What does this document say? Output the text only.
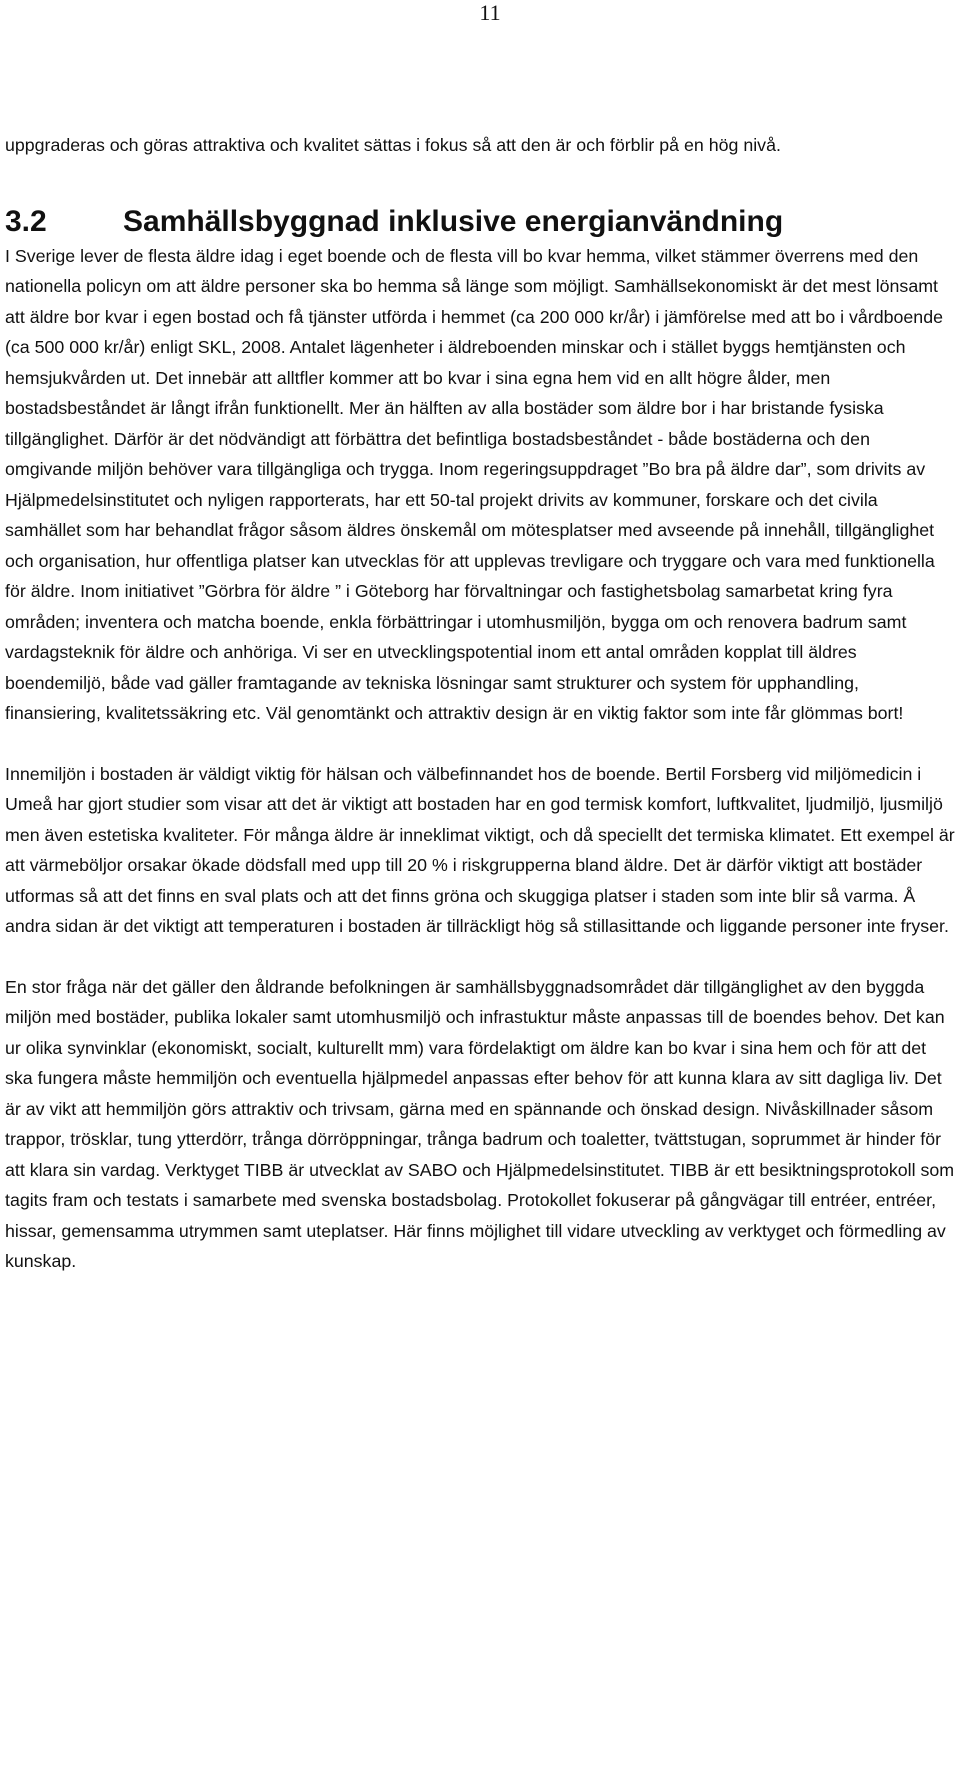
11

uppgraderas och göras attraktiva och kvalitet sättas i fokus så att den är och förblir på en hög nivå.

3.2	Samhällsbyggnad inklusive energianvändning

I Sverige lever de flesta äldre idag i eget boende och de flesta vill bo kvar hemma, vilket stämmer överrens med den nationella policyn om att äldre personer ska bo hemma så länge som möjligt. Samhällsekonomiskt är det mest lönsamt att äldre bor kvar i egen bostad och få tjänster utförda i hemmet (ca 200 000 kr/år) i jämförelse med att bo i vårdboende (ca 500 000 kr/år) enligt SKL, 2008. Antalet lägenheter i äldreboenden minskar och i stället byggs hemtjänsten och hemsjukvården ut. Det innebär att alltfler kommer att bo kvar i sina egna hem vid en allt högre ålder, men bostadsbeståndet är långt ifrån funktionellt. Mer än hälften av alla bostäder som äldre bor i har bristande fysiska tillgänglighet. Därför är det nödvändigt att förbättra det befintliga bostadsbeståndet - både bostäderna och den omgivande miljön behöver vara tillgängliga och trygga. Inom regeringsuppdraget ”Bo bra på äldre dar”, som drivits av Hjälpmedelsinstitutet och nyligen rapporterats, har ett 50-tal projekt drivits av kommuner, forskare och det civila samhället som har behandlat frågor såsom äldres önskemål om mötesplatser med avseende på innehåll, tillgänglighet och organisation, hur offentliga platser kan utvecklas för att upplevas trevligare och tryggare och vara med funktionella för äldre. Inom initiativet ”Görbra för äldre ” i Göteborg har förvaltningar och fastighetsbolag samarbetat kring fyra områden; inventera och matcha boende, enkla förbättringar i utomhusmiljön, bygga om och renovera badrum samt vardagsteknik för äldre och anhöriga. Vi ser en utvecklingspotential inom ett antal områden kopplat till äldres boendemiljö, både vad gäller framtagande av tekniska lösningar samt strukturer och system för upphandling, finansiering, kvalitetssäkring etc. Väl genomtänkt och attraktiv design är en viktig faktor som inte får glömmas bort!

Innemiljön i bostaden är väldigt viktig för hälsan och välbefinnandet hos de boende. Bertil Forsberg vid miljömedicin i Umeå har gjort studier som visar att det är viktigt att bostaden har en god termisk komfort, luftkvalitet, ljudmiljö, ljusmiljö men även estetiska kvaliteter. För många äldre är inneklimat viktigt, och då speciellt det termiska klimatet. Ett exempel är att värmeböljor orsakar ökade dödsfall med upp till 20 % i riskgrupperna bland äldre. Det är därför viktigt att bostäder utformas så att det finns en sval plats och att det finns gröna och skuggiga platser i staden som inte blir så varma. Å andra sidan är det viktigt att temperaturen i bostaden är tillräckligt hög så stillasittande och liggande personer inte fryser.

En stor fråga när det gäller den åldrande befolkningen är samhällsbyggnadsområdet där tillgänglighet av den byggda miljön med bostäder, publika lokaler samt utomhusmiljö och infrastuktur måste anpassas till de boendes behov. Det kan ur olika synvinklar (ekonomiskt, socialt, kulturellt mm) vara fördelaktigt om äldre kan bo kvar i sina hem och för att det ska fungera måste hemmiljön och eventuella hjälpmedel anpassas efter behov för att kunna klara av sitt dagliga liv. Det är av vikt att hemmiljön görs attraktiv och trivsam, gärna med en spännande och önskad design. Nivåskillnader såsom trappor, trösklar, tung ytterdörr, trånga dörröppningar, trånga badrum och toaletter, tvättstugan, soprummet är hinder för att klara sin vardag. Verktyget TIBB är utvecklat av SABO och Hjälpmedelsinstitutet. TIBB är ett besiktningsprotokoll som tagits fram och testats i samarbete med svenska bostadsbolag. Protokollet fokuserar på gångvägar till entréer, entréer, hissar, gemensamma utrymmen samt uteplatser. Här finns möjlighet till vidare utveckling av verktyget och förmedling av kunskap.
